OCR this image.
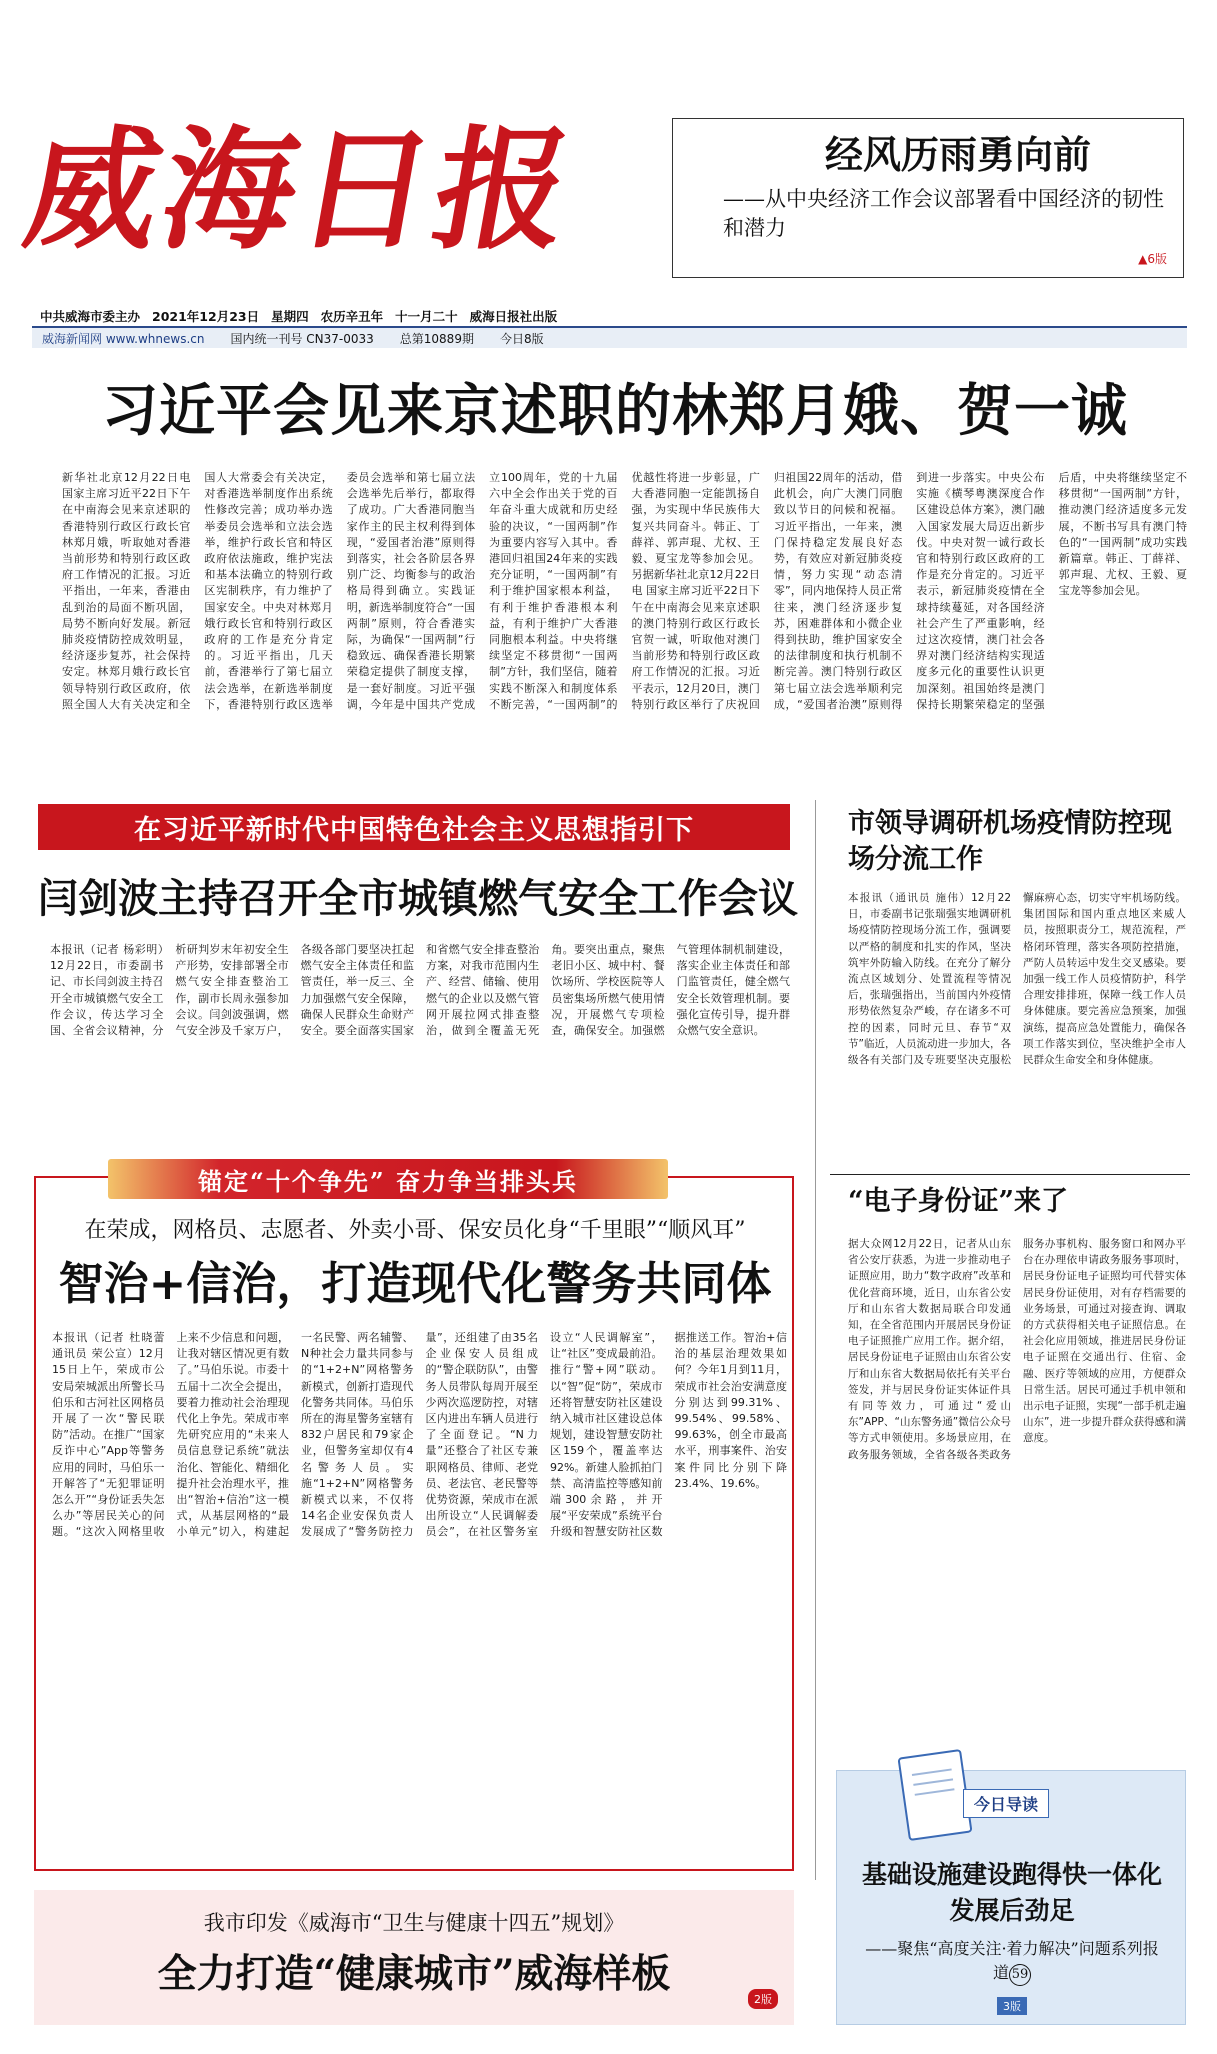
威海日报	经风历雨勇向前
——从中央经济工作会议部署看中国经济的韧性和潜力
▲6版
中共威海市委主办 2021年12月23日 星期四 农历辛丑年 十一月二十 威海日报社出版
威海新闻网 www.whnews.cn 国内统一刊号 CN37-0033 总第10889期 今日8版
习近平会见来京述职的林郑月娥、贺一诚
新华社北京12月22日电 国家主席习近平22日下午在中南海会见来京述职的香港特别行政区行政长官林郑月娥，听取她对香港当前形势和特别行政区政府工作情况的汇报。习近平指出，一年来，香港由乱到治的局面不断巩固，局势不断向好发展。新冠肺炎疫情防控成效明显，经济逐步复苏，社会保持安定。林郑月娥行政长官领导特别行政区政府，依照全国人大有关决定和全国人大常委会有关决定，对香港选举制度作出系统性修改完善；成功举办选举委员会选举和立法会选举，维护行政长官和特区政府依法施政，维护宪法和基本法确立的特别行政区宪制秩序，有力维护了国家安全。中央对林郑月娥行政长官和特别行政区政府的工作是充分肯定的。习近平指出，几天前，香港举行了第七届立法会选举，在新选举制度下，香港特别行政区选举委员会选举和第七届立法会选举先后举行，都取得了成功。广大香港同胞当家作主的民主权利得到体现，“爱国者治港”原则得到落实，社会各阶层各界别广泛、均衡参与的政治格局得到确立。实践证明，新选举制度符合“一国两制”原则，符合香港实际，为确保“一国两制”行稳致远、确保香港长期繁荣稳定提供了制度支撑，是一套好制度。习近平强调，今年是中国共产党成立100周年，党的十九届六中全会作出关于党的百年奋斗重大成就和历史经验的决议，“一国两制”作为重要内容写入其中。香港回归祖国24年来的实践充分证明，“一国两制”有利于维护国家根本利益，有利于维护香港根本利益，有利于维护广大香港同胞根本利益。中央将继续坚定不移贯彻“一国两制”方针，我们坚信，随着实践不断深入和制度体系不断完善，“一国两制”的优越性将进一步彰显，广大香港同胞一定能凯扬自强，为实现中华民族伟大复兴共同奋斗。韩正、丁薛祥、郭声琨、尤权、王毅、夏宝龙等参加会见。另据新华社北京12月22日电 国家主席习近平22日下午在中南海会见来京述职的澳门特别行政区行政长官贺一诚，听取他对澳门当前形势和特别行政区政府工作情况的汇报。习近平表示，12月20日，澳门特别行政区举行了庆祝回归祖国22周年的活动，借此机会，向广大澳门同胞致以节日的问候和祝福。习近平指出，一年来，澳门保持稳定发展良好态势，有效应对新冠肺炎疫情，努力实现“动态清零”，同内地保持人员正常往来，澳门经济逐步复苏，困难群体和小微企业得到扶助，维护国家安全的法律制度和执行机制不断完善。澳门特别行政区第七届立法会选举顺利完成，“爱国者治澳”原则得到进一步落实。中央公布实施《横琴粤澳深度合作区建设总体方案》，澳门融入国家发展大局迈出新步伐。中央对贺一诚行政长官和特别行政区政府的工作是充分肯定的。习近平表示，新冠肺炎疫情在全球持续蔓延，对各国经济社会产生了严重影响，经过这次疫情，澳门社会各界对澳门经济结构实现适度多元化的重要性认识更加深刻。祖国始终是澳门保持长期繁荣稳定的坚强后盾，中央将继续坚定不移贯彻“一国两制”方针，推动澳门经济适度多元发展，不断书写具有澳门特色的“一国两制”成功实践新篇章。韩正、丁薛祥、郭声琨、尤权、王毅、夏宝龙等参加会见。
在习近平新时代中国特色社会主义思想指引下
闫剑波主持召开全市城镇燃气安全工作会议
本报讯（记者 杨彩明）12月22日，市委副书记、市长闫剑波主持召开全市城镇燃气安全工作会议，传达学习全国、全省会议精神，分析研判岁末年初安全生产形势，安排部署全市燃气安全排查整治工作，副市长周永强参加会议。闫剑波强调，燃气安全涉及千家万户，各级各部门要坚决扛起燃气安全主体责任和监管责任，举一反三、全力加强燃气安全保障，确保人民群众生命财产安全。要全面落实国家和省燃气安全排查整治方案，对我市范围内生产、经营、储输、使用燃气的企业以及燃气管网开展拉网式排查整治，做到全覆盖无死角。要突出重点，聚焦老旧小区、城中村、餐饮场所、学校医院等人员密集场所燃气使用情况，开展燃气专项检查，确保安全。加强燃气管理体制机制建设，落实企业主体责任和部门监管责任，健全燃气安全长效管理机制。要强化宣传引导，提升群众燃气安全意识。
市领导调研机场疫情防控现场分流工作
本报讯（通讯员 施伟）12月22日，市委副书记张瑞强实地调研机场疫情防控现场分流工作，强调要以严格的制度和扎实的作风，坚决筑牢外防输入防线。在充分了解分流点区域划分、处置流程等情况后，张瑞强指出，当前国内外疫情形势依然复杂严峻，存在诸多不可控的因素，同时元旦、春节“双节”临近，人员流动进一步加大，各级各有关部门及专班要坚决克服松懈麻痹心态，切实守牢机场防线。集团国际和国内重点地区来威人员，按照职责分工，规范流程，严格闭环管理，落实各项防控措施，严防人员转运中发生交叉感染。要加强一线工作人员疫情防护，科学合理安排排班，保障一线工作人员身体健康。要完善应急预案，加强演练，提高应急处置能力，确保各项工作落实到位，坚决维护全市人民群众生命安全和身体健康。
“电子身份证”来了
据大众网12月22日，记者从山东省公安厅获悉，为进一步推动电子证照应用，助力“数字政府”改革和优化营商环境，近日，山东省公安厅和山东省大数据局联合印发通知，在全省范围内开展居民身份证电子证照推广应用工作。据介绍，居民身份证电子证照由山东省公安厅和山东省大数据局依托有关平台签发，并与居民身份证实体证件具有同等效力，可通过“爱山东”APP、“山东警务通”微信公众号等方式申领使用。多场景应用，在政务服务领域，全省各级各类政务服务办事机构、服务窗口和网办平台在办理依申请政务服务事项时，居民身份证电子证照均可代替实体居民身份证使用，对有存档需要的业务场景，可通过对接查询、调取的方式获得相关电子证照信息。在社会化应用领域，推进居民身份证电子证照在交通出行、住宿、金融、医疗等领域的应用，方便群众日常生活。居民可通过手机申领和出示电子证照，实现“一部手机走遍山东”，进一步提升群众获得感和满意度。
锚定“十个争先” 奋力争当排头兵
在荣成，网格员、志愿者、外卖小哥、保安员化身“千里眼”“顺风耳”
智治+信治，打造现代化警务共同体
本报讯（记者 杜晓蕾 通讯员 荣公宣）12月15日上午，荣成市公安局荣城派出所警长马伯乐和古河社区网格员开展了一次“警民联防”活动。在推广“国家反诈中心”App等警务应用的同时，马伯乐一开解答了“无犯罪证明怎么开”“身份证丢失怎么办”等居民关心的问题。“这次入网格里收上来不少信息和问题，让我对辖区情况更有数了。”马伯乐说。市委十五届十二次全会提出，要着力推动社会治理现代化上争先。荣成市率先研究应用的“未来人员信息登记系统”就法治化、智能化、精细化提升社会治理水平，推出“智治+信治”这一模式，从基层网格的“最小单元”切入，构建起一名民警、两名辅警、N种社会力量共同参与的“1+2+N”网格警务新模式，创新打造现代化警务共同体。马伯乐所在的海星警务室辖有832户居民和79家企业，但警务室却仅有4名警务人员。实施“1+2+N”网格警务新模式以来，不仅将14名企业安保负责人发展成了“警务防控力量”，还组建了由35名企业保安人员组成的“警企联防队”，由警务人员带队每周开展至少两次巡逻防控，对辖区内进出车辆人员进行了全面登记。“N力量”还整合了社区专兼职网格员、律师、老党员、老法官、老民警等优势资源，荣成市在派出所设立“人民调解委员会”，在社区警务室设立“人民调解室”，让“社区”变成最前沿。推行“警+网”联动。以“智”促“防”，荣成市还将智慧安防社区建设纳入城市社区建设总体规划，建设智慧安防社区159个，覆盖率达92%。新建人脸抓拍门禁、高清监控等感知前端300余路，并开展“平安荣成”系统平台升级和智慧安防社区数据推送工作。智治+信治的基层治理效果如何？今年1月到11月，荣成市社会治安满意度分别达到99.31%、99.54%、99.58%、99.63%，创全市最高水平，刑事案件、治安案件同比分别下降23.4%、19.6%。
今日导读
基础设施建设跑得快一体化发展后劲足
——聚焦“高度关注·着力解决”问题系列报道 59
3版
我市印发《威海市“卫生与健康十四五”规划》
全力打造“健康城市”威海样板
2版
